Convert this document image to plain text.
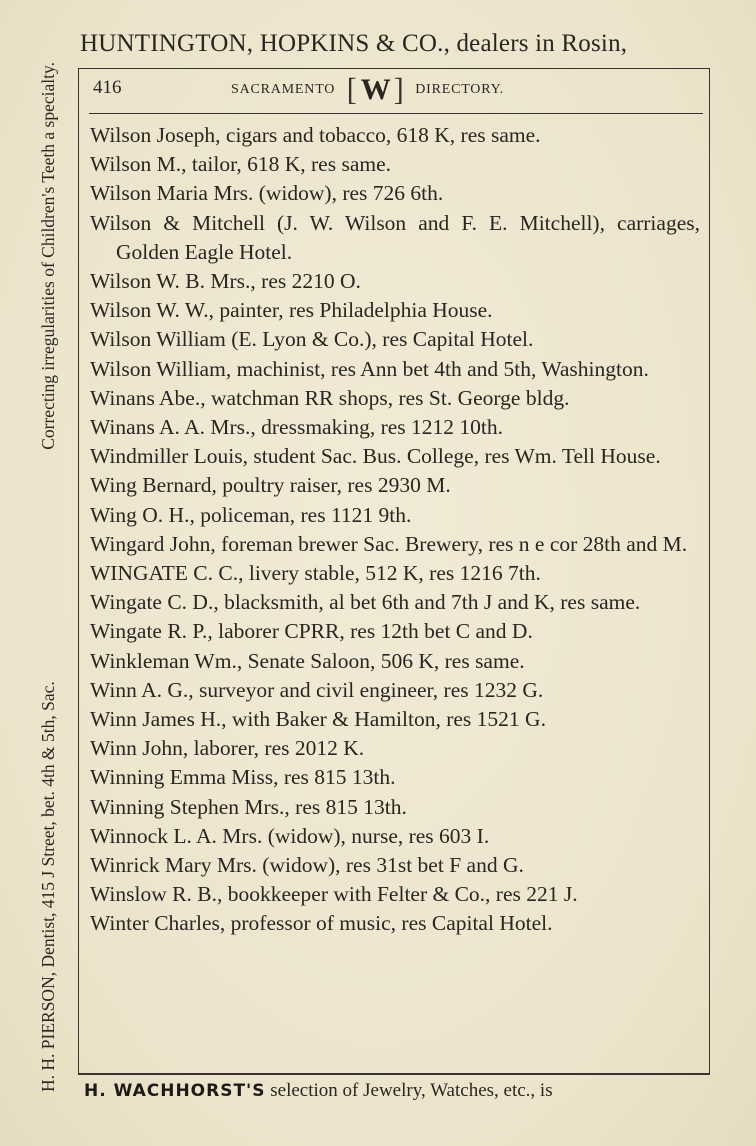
HUNTINGTON, HOPKINS & CO., dealers in Rosin,
H. H. PIERSON, Dentist, 415 J Street, bet. 4th & 5th, Sac.
Correcting irregularities of Children's Teeth a specialty. 416	SACRAMENTO [ W ] DIRECTORY.
Wilson Joseph, cigars and tobacco, 618 K, res same.
Wilson M., tailor, 618 K, res same.
Wilson Maria Mrs. (widow), res 726 6th.
Wilson & Mitchell (J. W. Wilson and F. E. Mitchell), carriages, Golden Eagle Hotel.
Wilson W. B. Mrs., res 2210 O.
Wilson W. W., painter, res Philadelphia House.
Wilson William (E. Lyon & Co.), res Capital Hotel.
Wilson William, machinist, res Ann bet 4th and 5th, Washington.
Winans Abe., watchman RR shops, res St. George bldg.
Winans A. A. Mrs., dressmaking, res 1212 10th.
Windmiller Louis, student Sac. Bus. College, res Wm. Tell House.
Wing Bernard, poultry raiser, res 2930 M.
Wing O. H., policeman, res 1121 9th.
Wingard John, foreman brewer Sac. Brewery, res n e cor 28th and M.
WINGATE C. C., livery stable, 512 K, res 1216 7th.
Wingate C. D., blacksmith, al bet 6th and 7th J and K, res same.
Wingate R. P., laborer CPRR, res 12th bet C and D.
Winkleman Wm., Senate Saloon, 506 K, res same.
Winn A. G., surveyor and civil engineer, res 1232 G.
Winn James H., with Baker & Hamilton, res 1521 G.
Winn John, laborer, res 2012 K.
Winning Emma Miss, res 815 13th.
Winning Stephen Mrs., res 815 13th.
Winnock L. A. Mrs. (widow), nurse, res 603 I.
Winrick Mary Mrs. (widow), res 31st bet F and G.
Winslow R. B., bookkeeper with Felter & Co., res 221 J.
Winter Charles, professor of music, res Capital Hotel.
H. WACHHORST'S selection of Jewelry, Watches, etc., is
